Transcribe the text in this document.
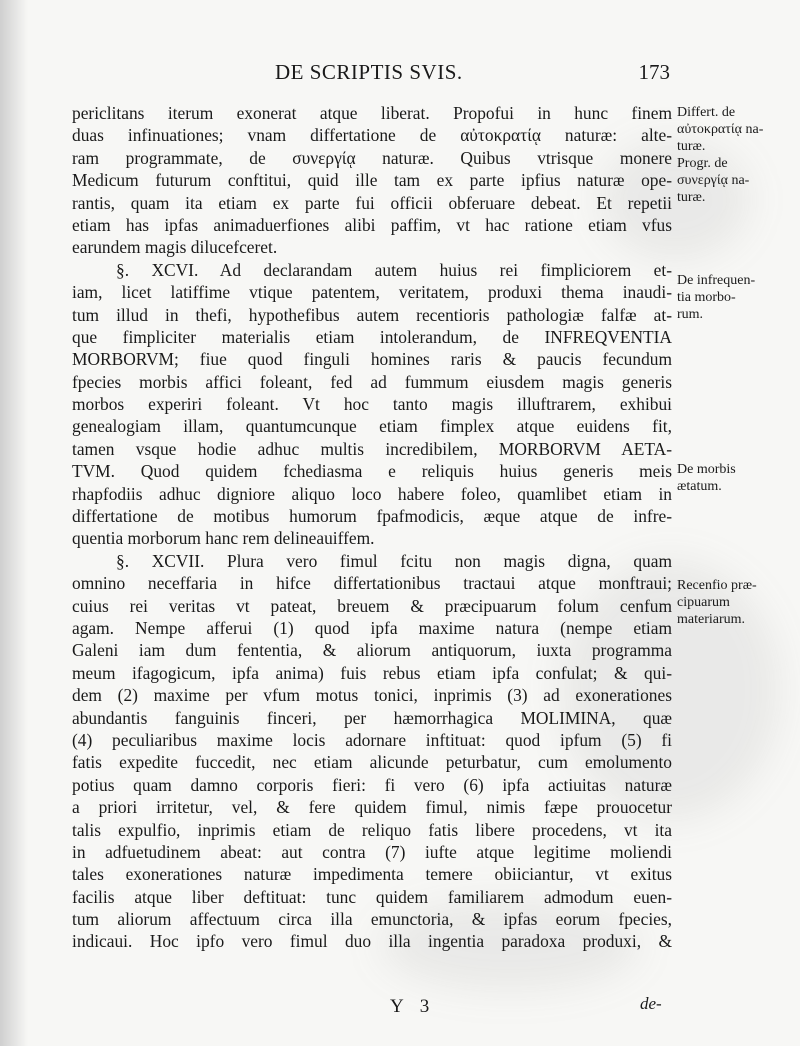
DE SCRIPTIS SVIS.	173
periclitans iterum exonerat atque liberat. Propofui in hunc finem
duas infinuationes; vnam differtatione de αὐτοκρατίᾳ naturæ: alte-
ram programmate, de συνεργίᾳ naturæ. Quibus vtrisque monere
Medicum futurum conftitui, quid ille tam ex parte ipfius naturæ ope-
rantis, quam ita etiam ex parte fui officii obferuare debeat. Et repetii
etiam has ipfas animaduerfiones alibi paffim, vt hac ratione etiam vfus
earundem magis dilucefceret.
§. XCVI. Ad declarandam autem huius rei fimpliciorem et-
iam, licet latiffime vtique patentem, veritatem, produxi thema inaudi-
tum illud in thefi, hypothefibus autem recentioris pathologiæ falfæ at-
que fimpliciter materialis etiam intolerandum, de INFREQVENTIA
MORBORVM; fiue quod finguli homines raris & paucis fecundum
fpecies morbis affici foleant, fed ad fummum eiusdem magis generis
morbos experiri foleant. Vt hoc tanto magis illuftrarem, exhibui
genealogiam illam, quantumcunque etiam fimplex atque euidens fit,
tamen vsque hodie adhuc multis incredibilem, MORBORVM AETA-
TVM. Quod quidem fchediasma e reliquis huius generis meis
rhapfodiis adhuc digniore aliquo loco habere foleo, quamlibet etiam in
differtatione de motibus humorum fpafmodicis, æque atque de infre-
quentia morborum hanc rem delineauiffem.
§. XCVII. Plura vero fimul fcitu non magis digna, quam
omnino neceffaria in hifce differtationibus tractaui atque monftraui;
cuius rei veritas vt pateat, breuem & præcipuarum folum cenfum
agam. Nempe afferui (1) quod ipfa maxime natura (nempe etiam
Galeni iam dum fententia, & aliorum antiquorum, iuxta programma
meum ifagogicum, ipfa anima) fuis rebus etiam ipfa confulat; & qui-
dem (2) maxime per vfum motus tonici, inprimis (3) ad exonerationes
abundantis fanguinis finceri, per hæmorrhagica MOLIMINA, quæ
(4) peculiaribus maxime locis adornare inftituat: quod ipfum (5) fi
fatis expedite fuccedit, nec etiam alicunde peturbatur, cum emolumento
potius quam damno corporis fieri: fi vero (6) ipfa actiuitas naturæ
a priori irritetur, vel, & fere quidem fimul, nimis fæpe prouocetur
talis expulfio, inprimis etiam de reliquo fatis libere procedens, vt ita
in adfuetudinem abeat: aut contra (7) iufte atque legitime moliendi
tales exonerationes naturæ impedimenta temere obiiciantur, vt exitus
facilis atque liber deftituat: tunc quidem familiarem admodum euen-
tum aliorum affectuum circa illa emunctoria, & ipfas eorum fpecies,
indicaui. Hoc ipfo vero fimul duo illa ingentia paradoxa produxi, &
Differt. de
αὐτοκρατίᾳ na-
turæ.
Progr. de
συνεργίᾳ na-
turæ.
De infrequen-
tia morbo-
rum.
De morbis
ætatum.
Recenfio præ-
cipuarum
materiarum.
Y 3	de-
